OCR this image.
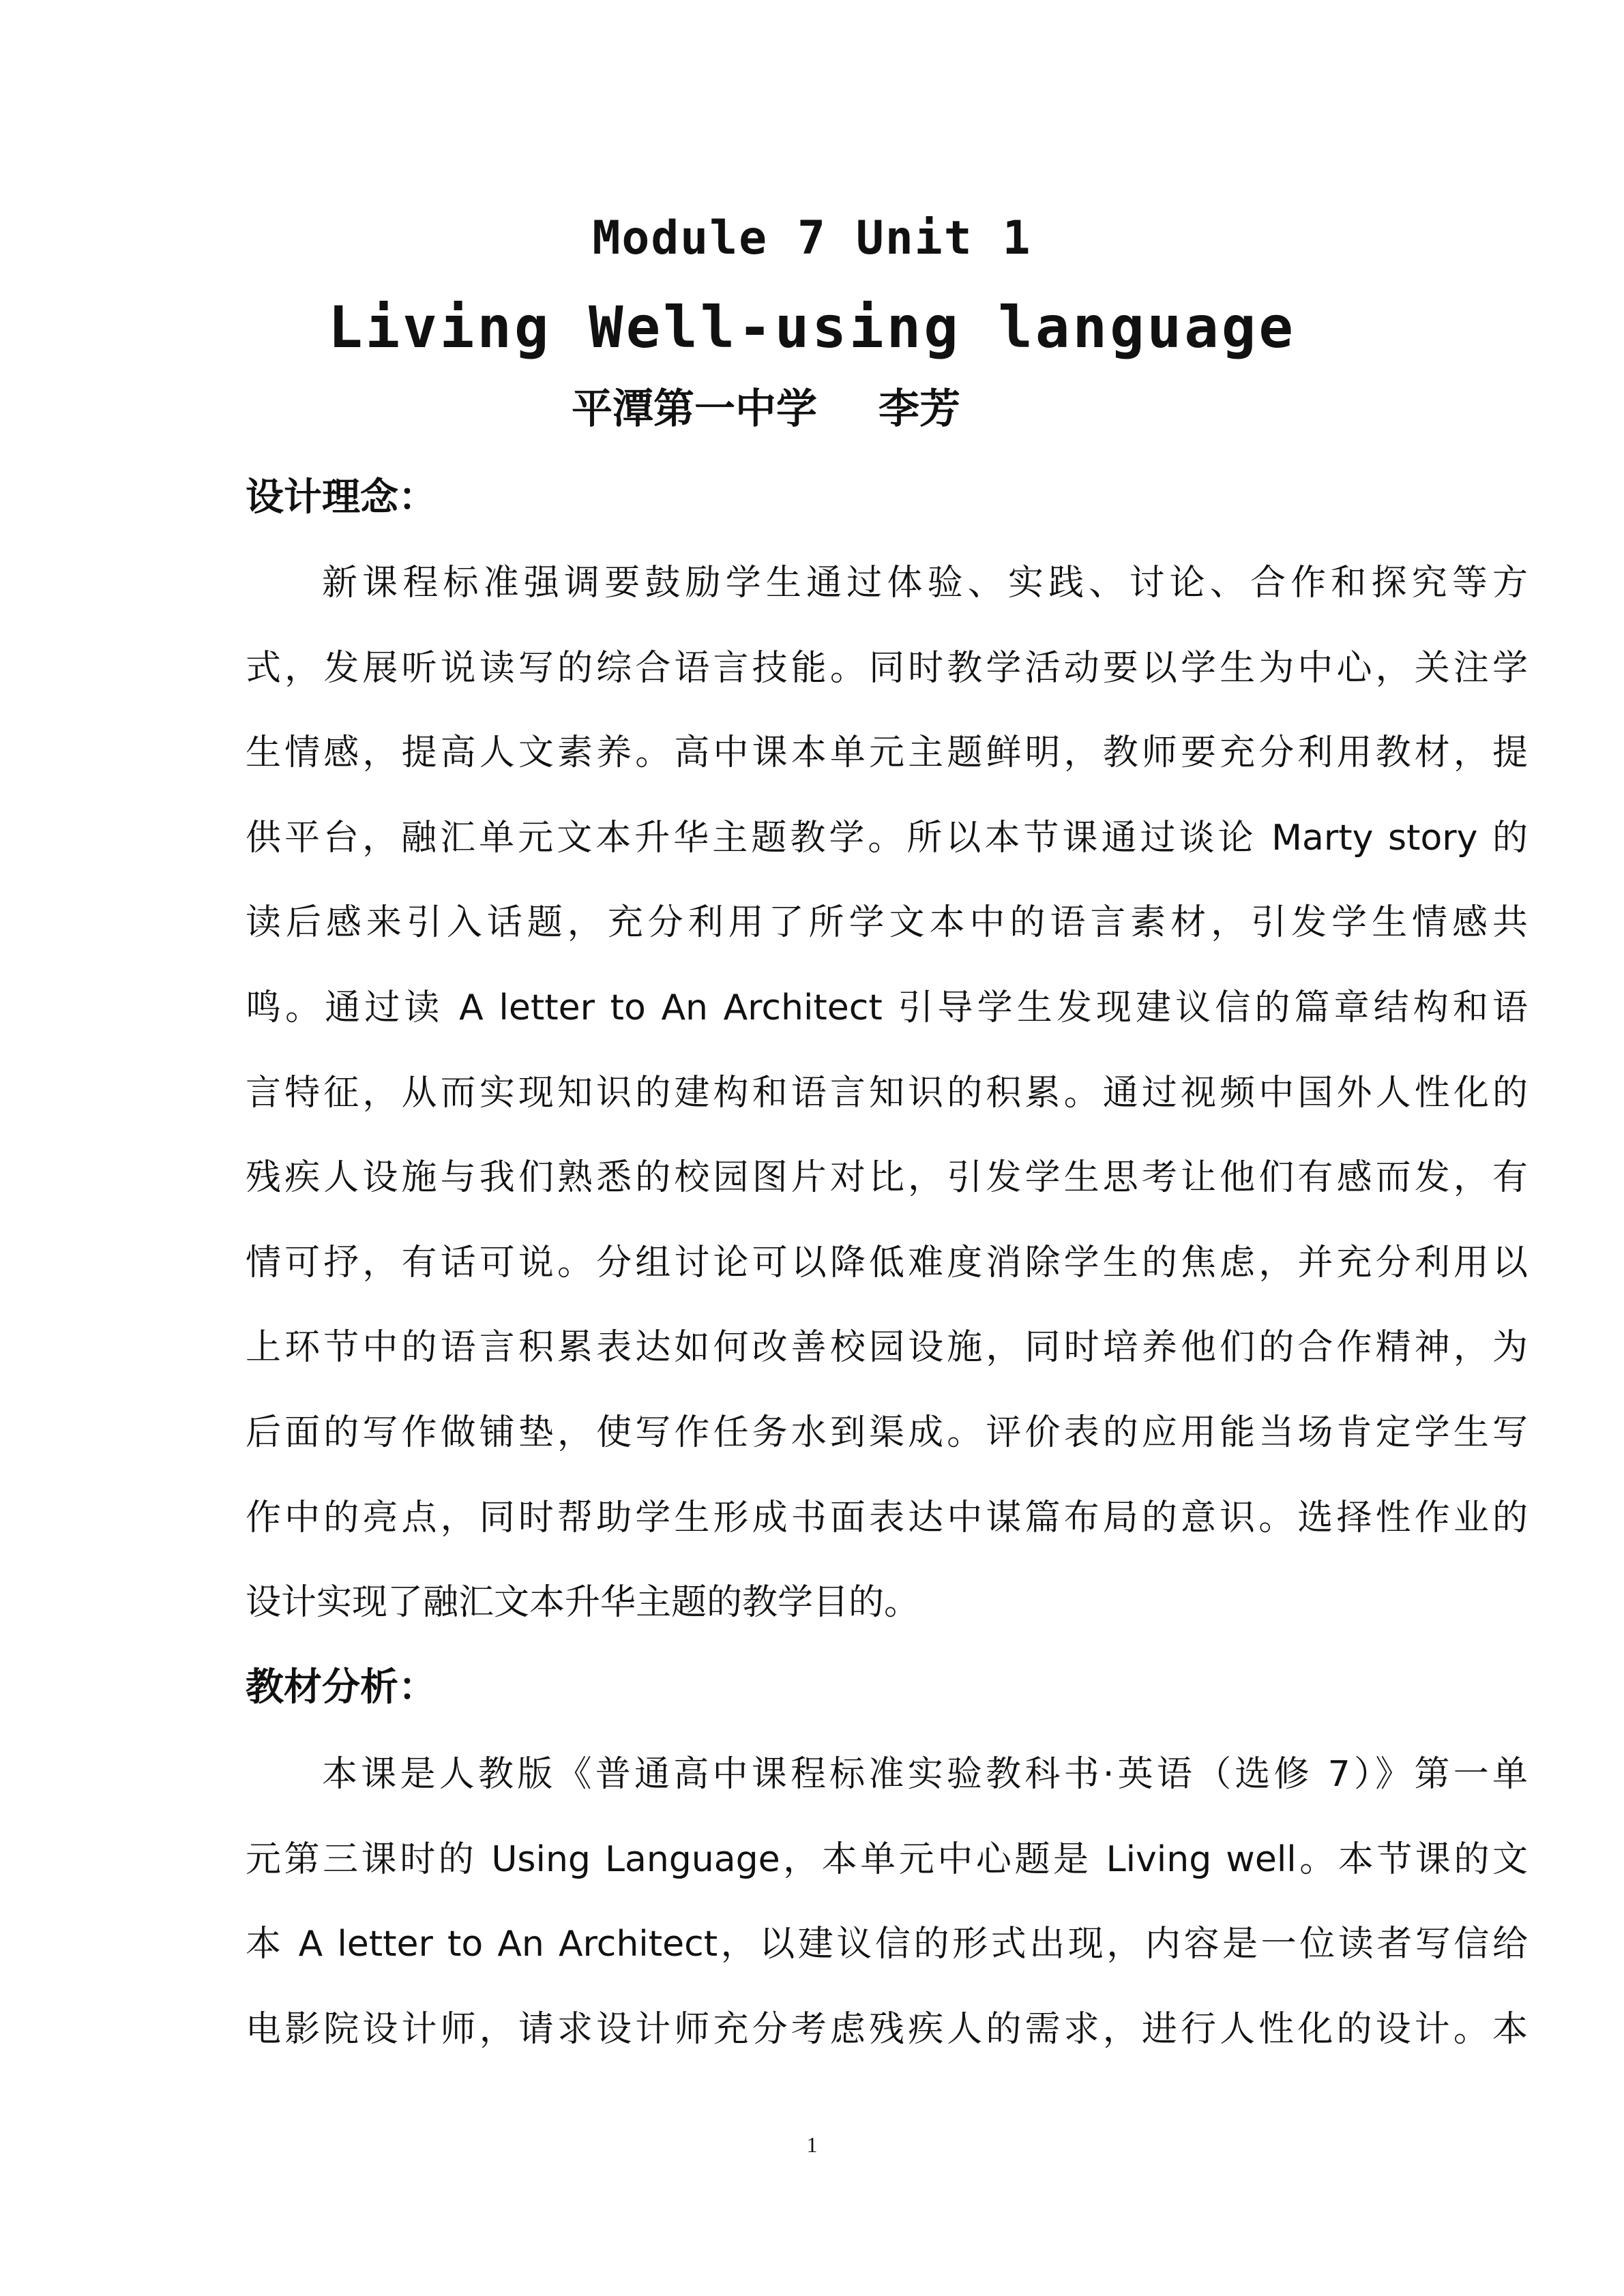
Module 7 Unit 1
Living Well-using language
平潭第一中学 李芳
设计理念：
新课程标准强调要鼓励学生通过体验、实践、讨论、合作和探究等方
式，发展听说读写的综合语言技能。同时教学活动要以学生为中心，关注学
生情感，提高人文素养。高中课本单元主题鲜明，教师要充分利用教材，提
供平台，融汇单元文本升华主题教学。所以本节课通过谈论 Marty story 的
读后感来引入话题，充分利用了所学文本中的语言素材，引发学生情感共
鸣。通过读 A letter to An Architect 引导学生发现建议信的篇章结构和语
言特征，从而实现知识的建构和语言知识的积累。通过视频中国外人性化的
残疾人设施与我们熟悉的校园图片对比，引发学生思考让他们有感而发，有
情可抒，有话可说。分组讨论可以降低难度消除学生的焦虑，并充分利用以
上环节中的语言积累表达如何改善校园设施，同时培养他们的合作精神，为
后面的写作做铺垫，使写作任务水到渠成。评价表的应用能当场肯定学生写
作中的亮点，同时帮助学生形成书面表达中谋篇布局的意识。选择性作业的
设计实现了融汇文本升华主题的教学目的。
教材分析：
本课是人教版《普通高中课程标准实验教科书·英语（选修 7）》第一单
元第三课时的 Using Language，本单元中心题是 Living well。本节课的文
本 A letter to An Architect，以建议信的形式出现，内容是一位读者写信给
电影院设计师，请求设计师充分考虑残疾人的需求，进行人性化的设计。本
1
